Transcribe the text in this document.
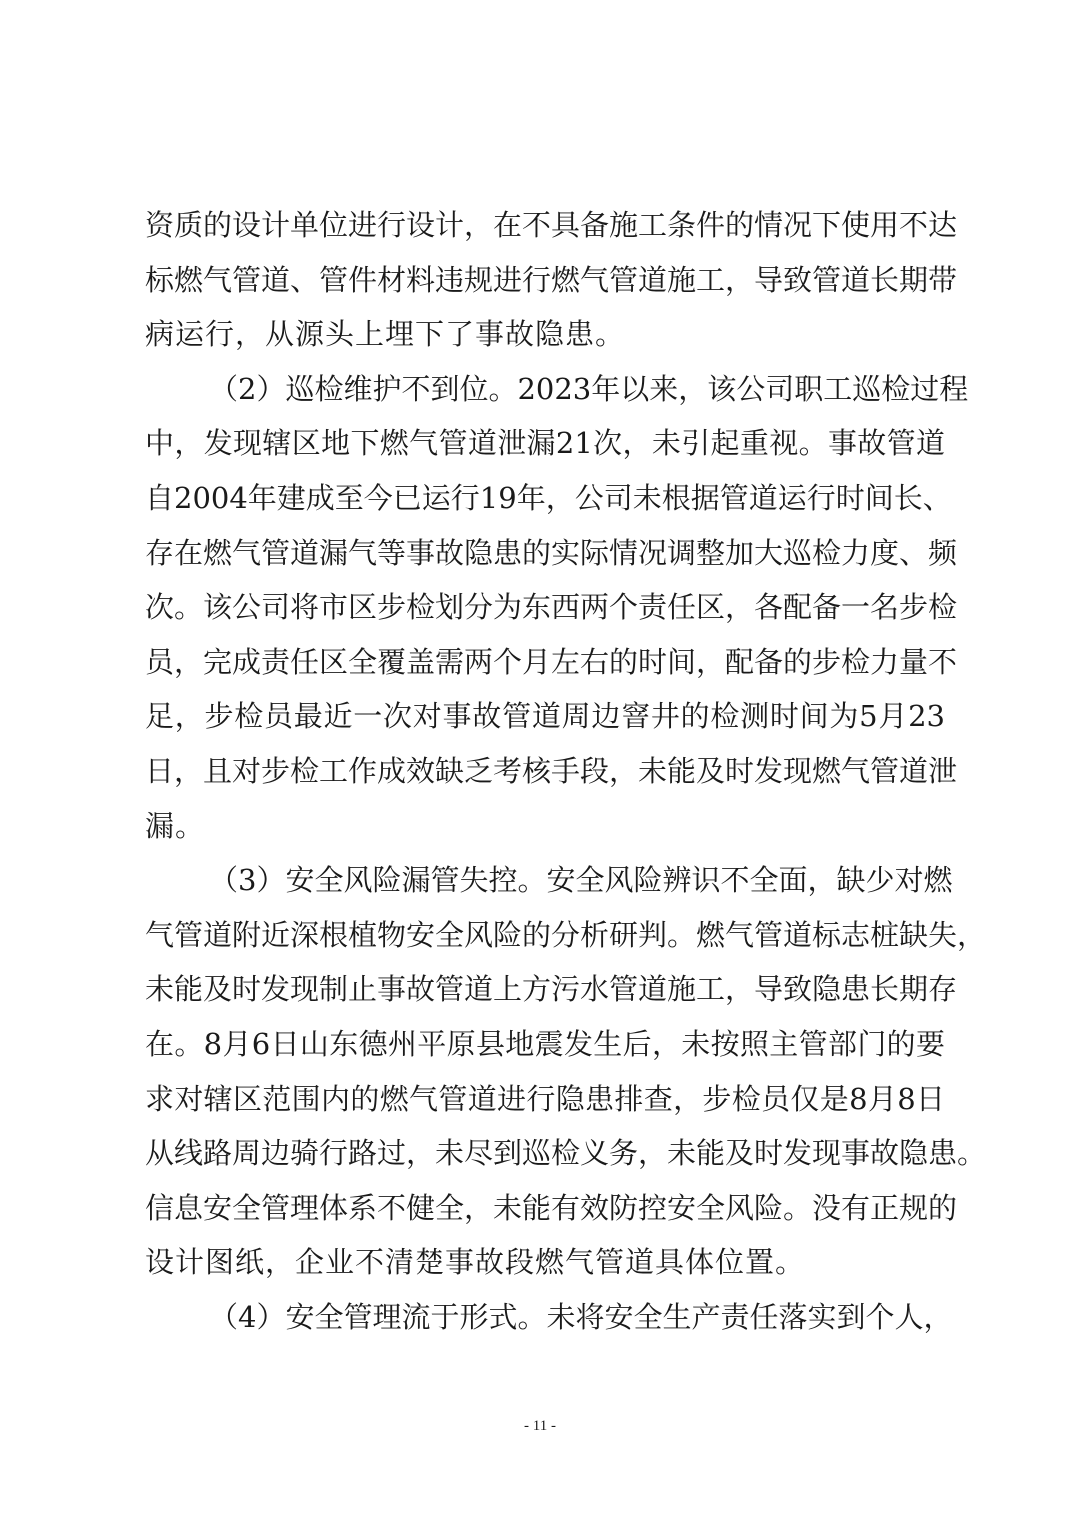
资质的设计单位进行设计，在不具备施工条件的情况下使用不达
标燃气管道、管件材料违规进行燃气管道施工，导致管道长期带
病运行，从源头上埋下了事故隐患。
（2）巡检维护不到位。2023年以来，该公司职工巡检过程
中，发现辖区地下燃气管道泄漏21次，未引起重视。事故管道
自2004年建成至今已运行19年，公司未根据管道运行时间长、
存在燃气管道漏气等事故隐患的实际情况调整加大巡检力度、频
次。该公司将市区步检划分为东西两个责任区，各配备一名步检
员，完成责任区全覆盖需两个月左右的时间，配备的步检力量不
足，步检员最近一次对事故管道周边窨井的检测时间为5月23
日，且对步检工作成效缺乏考核手段，未能及时发现燃气管道泄
漏。
（3）安全风险漏管失控。安全风险辨识不全面，缺少对燃
气管道附近深根植物安全风险的分析研判。燃气管道标志桩缺失，
未能及时发现制止事故管道上方污水管道施工，导致隐患长期存
在。8月6日山东德州平原县地震发生后，未按照主管部门的要
求对辖区范围内的燃气管道进行隐患排查，步检员仅是8月8日
从线路周边骑行路过，未尽到巡检义务，未能及时发现事故隐患。
信息安全管理体系不健全，未能有效防控安全风险。没有正规的
设计图纸，企业不清楚事故段燃气管道具体位置。
（4）安全管理流于形式。未将安全生产责任落实到个人，
- 11 -
